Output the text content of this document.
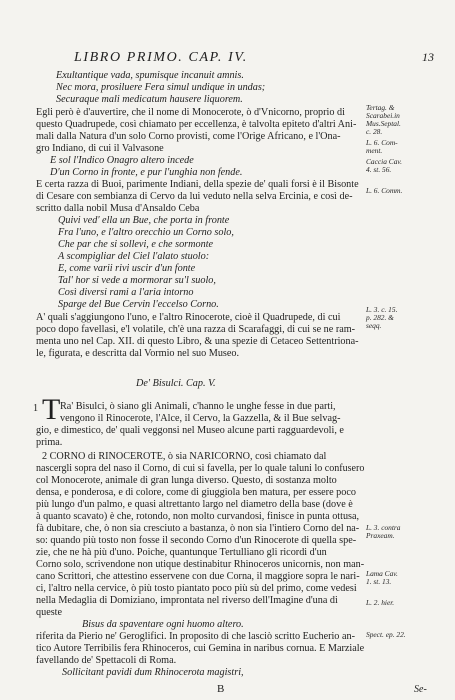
LIBRO PRIMO. CAP. IV.	13
Exultantique vada, spumisque incanuit amnis.
Nec mora, prosiluere Fera simul undique in undas;
Securaque mali medicatum hausere liquorem.
Egli però è d'auvertire, che il nome di Monocerote, ò d'Vnicorno, proprio di
questo Quadrupede, così chiamato per eccellenza, è talvolta epiteto d'altri Ani-
mali dalla Natura d'un solo Corno provisti, come l'Orige Africano, e l'Ona-
gro Indiano, di cui il Valvasone
E sol l'Indico Onagro altero incede
D'un Corno in fronte, e pur l'unghia non fende.
E certa razza di Buoi, parimente Indiani, della spezie de' quali forsi è il Bisonte
di Cesare con sembianza di Cervo da lui veduto nella selva Ercinia, e così de-
scritto dalla nobil Musa d'Ansaldo Ceba
Quivi ved' ella un Bue, che porta in fronte
Fra l'uno, e l'altro orecchio un Corno solo,
Che par che si sollevi, e che sormonte
A scompigliar del Ciel l'alato stuolo:
E, come varii rivi uscir d'un fonte
Tal' hor si vede a mormorar su'l suolo,
Così diversi rami a l'aria intorno
Sparge del Bue Cervin l'eccelso Corno.
A' quali s'aggiungono l'uno, e l'altro Rinocerote, cioè il Quadrupede, di cui
poco dopo favellasi, e'l volatile, ch'è una razza di Scarafaggi, di cui se ne ram-
menta uno nel Cap. XII. di questo Libro, & una spezie di Cetaceo Settentriona-
le, figurata, e descritta dal Vormio nel suo Museo.
De' Bisulci. Cap. V.
Ra' Bisulci, ò siano gli Animali, c'hanno le unghe fesse in due parti,
vengono il Rinocerote, l'Alce, il Cervo, la Gazzella, & il Bue selvag-
gio, e dimestico, de' quali veggonsi nel Museo alcune parti ragguardevoli, e
prima.
2 CORNO di RINOCEROTE, ò sia NARICORNO, così chiamato dal
nascergli sopra del naso il Corno, di cui si favella, per lo quale taluni lo confusero
col Monocerote, animale di gran lunga diverso. Questo, di sostanza molto
densa, e ponderosa, e di colore, come di giuggiola ben matura, per essere poco
più lungo d'un palmo, e quasi altrettanto largo nel diametro della base (dove è
à quanto scavato) è che, rotondo, non molto curvandosi, finisce in punta ottusa,
fà dubitare, che, ò non sia cresciuto a bastanza, ò non sia l'intiero Corno del na-
so: quando più tosto non fosse il secondo Corno d'un Rinocerote di quella spe-
zie, che ne hà più d'uno. Poiche, quantunque Tertulliano gli ricordi d'un
Corno solo, scrivendone non utique destinabitur Rhinoceros unicornis, non man-
cano Scrittori, che attestino esservene con due Corna, il maggiore sopra le nari-
ci, l'altro nella cervice, ò più tosto piantato poco più sù del primo, come vedesi
nella Medaglia di Domiziano, improntata nel riverso dell'Imagine d'una di
queste
Bisus da spaventare ogni huomo altero.
riferita da Pierio ne' Geroglifici. In proposito di che lasciò scritto Eucherio an-
tico Autore Terribilis fera Rhinoceros, cui Gemina in naribus cornua. E Marziale
favellando de' Spettacoli di Roma.
Sollicitant pavidi dum Rhinocerota magistri,
1 T
Tertag. &
Scarabei.in
Mus.Septal.
c. 28.
L. 6. Com-
ment.
Caccia Cav.
4. st. 56.
L. 6. Comm.
L. 3. c. 15.
p. 282. &
seqq.
L. 3. contra
Praxeam.
Lama Cav.
1. st. 13.
L. 2. hier.
Spect. ep. 22.
B	Se-
